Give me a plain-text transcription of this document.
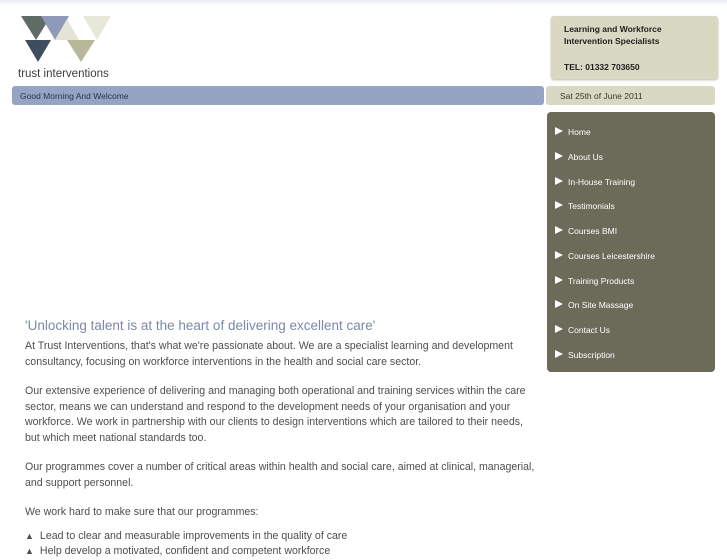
trust interventions
Learning and Workforce
Intervention Specialists
TEL: 01332 703650
Good Morning And Welcome	Sat 25th of June 2011
Home
About Us
In-House Training
Testimonials
Courses BMI
Courses Leicestershire
Training Products
On Site Massage
Contact Us
Subscription
'Unlocking talent is at the heart of delivering excellent care'

At Trust Interventions, that's what we're passionate about. We are a specialist learning and development consultancy, focusing on workforce interventions in the health and social care sector.

Our extensive experience of delivering and managing both operational and training services within the care sector, means we can understand and respond to the development needs of your organisation and your workforce. We work in partnership with our clients to design interventions which are tailored to their needs, but which meet national standards too.

Our programmes cover a number of critical areas within health and social care, aimed at clinical, managerial, and support personnel.

We work hard to make sure that our programmes:

▲ Lead to clear and measurable improvements in the quality of care
▲ Help develop a motivated, confident and competent workforce
